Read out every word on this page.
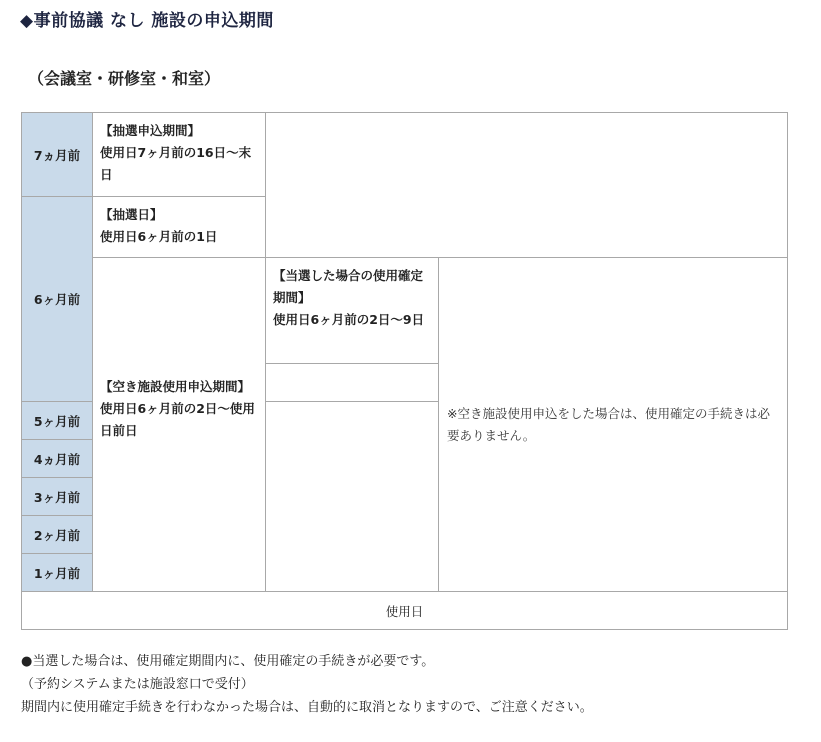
◆事前協議 なし 施設の申込期間
（会議室・研修室・和室）
7ヵ月前
6ヶ月前
5ヶ月前
4ヵ月前
3ヶ月前
2ヶ月前
1ヶ月前
【抽選申込期間】
使用日7ヶ月前の16日〜末日
【抽選日】
使用日6ヶ月前の1日
【空き施設使用申込期間】
使用日6ヶ月前の2日〜使用日前日
【当選した場合の使用確定期間】
使用日6ヶ月前の2日〜9日
※空き施設使用申込をした場合は、使用確定の手続きは必要ありません。
使用日
●当選した場合は、使用確定期間内に、使用確定の手続きが必要です。
（予約システムまたは施設窓口で受付）
期間内に使用確定手続きを行わなかった場合は、自動的に取消となりますので、ご注意ください。
